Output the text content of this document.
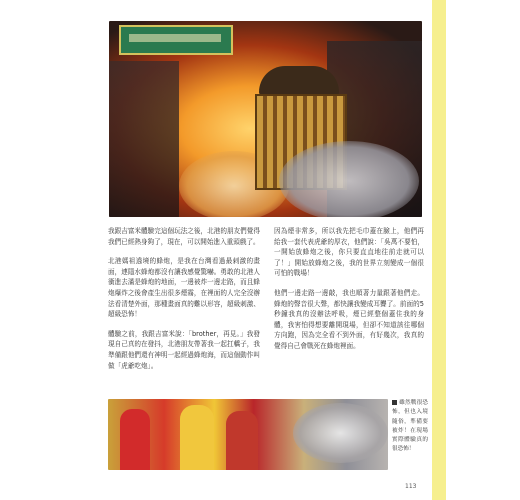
我跟吉富米體驗完這個玩法之後，北港的朋友們覺得我們已經熱身夠了，現在，可以開始進入重頭戲了。

北港媽祖遶境的蜂炮，是我在台灣看過最刺激的畫面，連隱水蜂炮都沒有讓我感覺驚嚇。勇敢的北港人衝進去滿是蜂炮的地面，一邊被炸一邊走路，而且蜂炮爆炸之後會產生出很多煙霧，在裡面的人完全沒辦法看清楚外面，那種畫面真的難以形容，超級刺激、超級恐怖！

體驗之前，我跟吉富米說：「brother，再見。」我發現自己真的在發抖，北港朋友帶著我一起扛轎子，我準備跟他們還有神明一起經過蜂炮海，而這個動作叫做「虎爺吃炮」。

因為煙非常多，所以我先把毛巾蓋在臉上，他們再給我一套代表虎爺的厚衣，他們說：「吳萬不要怕，一開始放蜂炮之後，你只要直直地往前走就可以了！」開始放蜂炮之後，我的世界立刻變成一個很可怕的戰場！

他們一邊走路一邊敲，我也順著力量跟著他們走。蜂炮的聲音很大聲，都快讓我變成耳聾了。前面的5秒鐘我真的沒辦法呼吸，煙已經整個蓋住我的身體，我害怕得想要離開現場，但卻不知道該往哪個方向跑，因為完全看不到外面，有好幾次，我真的覺得自己會戰死在蜂炮裡面。

雖然戰很恐怖，但也入境隨俗，準備要被炸！在現場實際體驗真的很恐怖！
113
